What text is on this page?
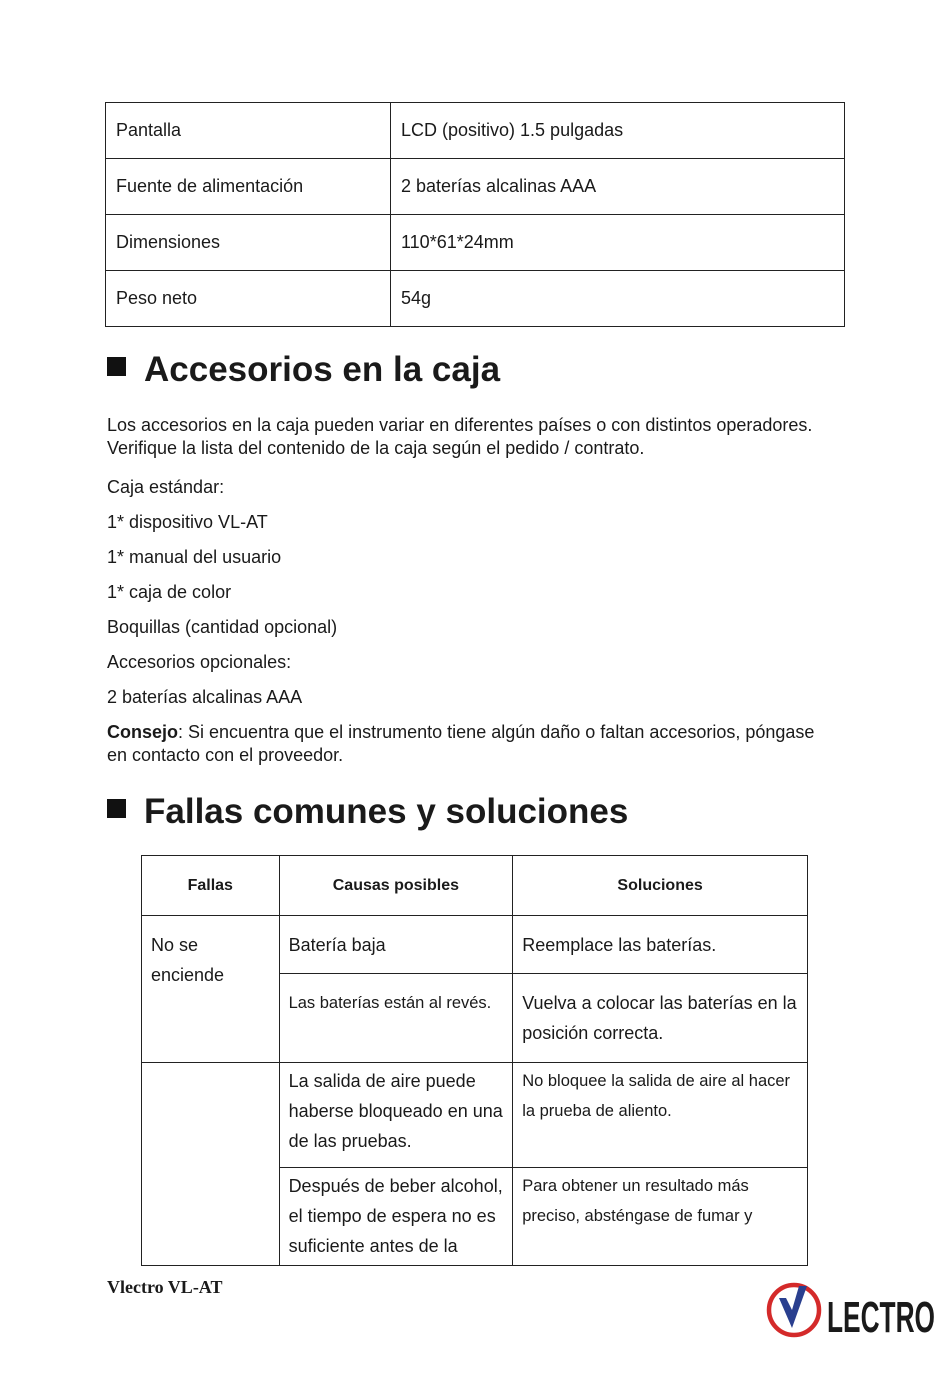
Pantalla	LCD (positivo) 1.5 pulgadas
Fuente de alimentación	2 baterías alcalinas AAA
Dimensiones	110*61*24mm
Peso neto	54g
Accesorios en la caja

Los accesorios en la caja pueden variar en diferentes países o con distintos operadores.

Verifique la lista del contenido de la caja según el pedido / contrato.

Caja estándar:
1* dispositivo VL-AT
1* manual del usuario
1* caja de color
Boquillas (cantidad opcional)
Accesorios opcionales:
2 baterías alcalinas AAA

Consejo: Si encuentra que el instrumento tiene algún daño o faltan accesorios, póngase

en contacto con el proveedor.

Fallas comunes y soluciones
Fallas	Causas posibles	Soluciones
No se enciende	Batería baja	Reemplace las baterías.
	Las baterías están al revés.	Vuelva a colocar las baterías en la posición correcta.
	La salida de aire puede haberse bloqueado en una de las pruebas.	No bloquee la salida de aire al hacer la prueba de aliento.
	Después de beber alcohol, el tiempo de espera no es suficiente antes de la	Para obtener un resultado más preciso, absténgase de fumar y
Vlectro VL-AT
LECTRO
